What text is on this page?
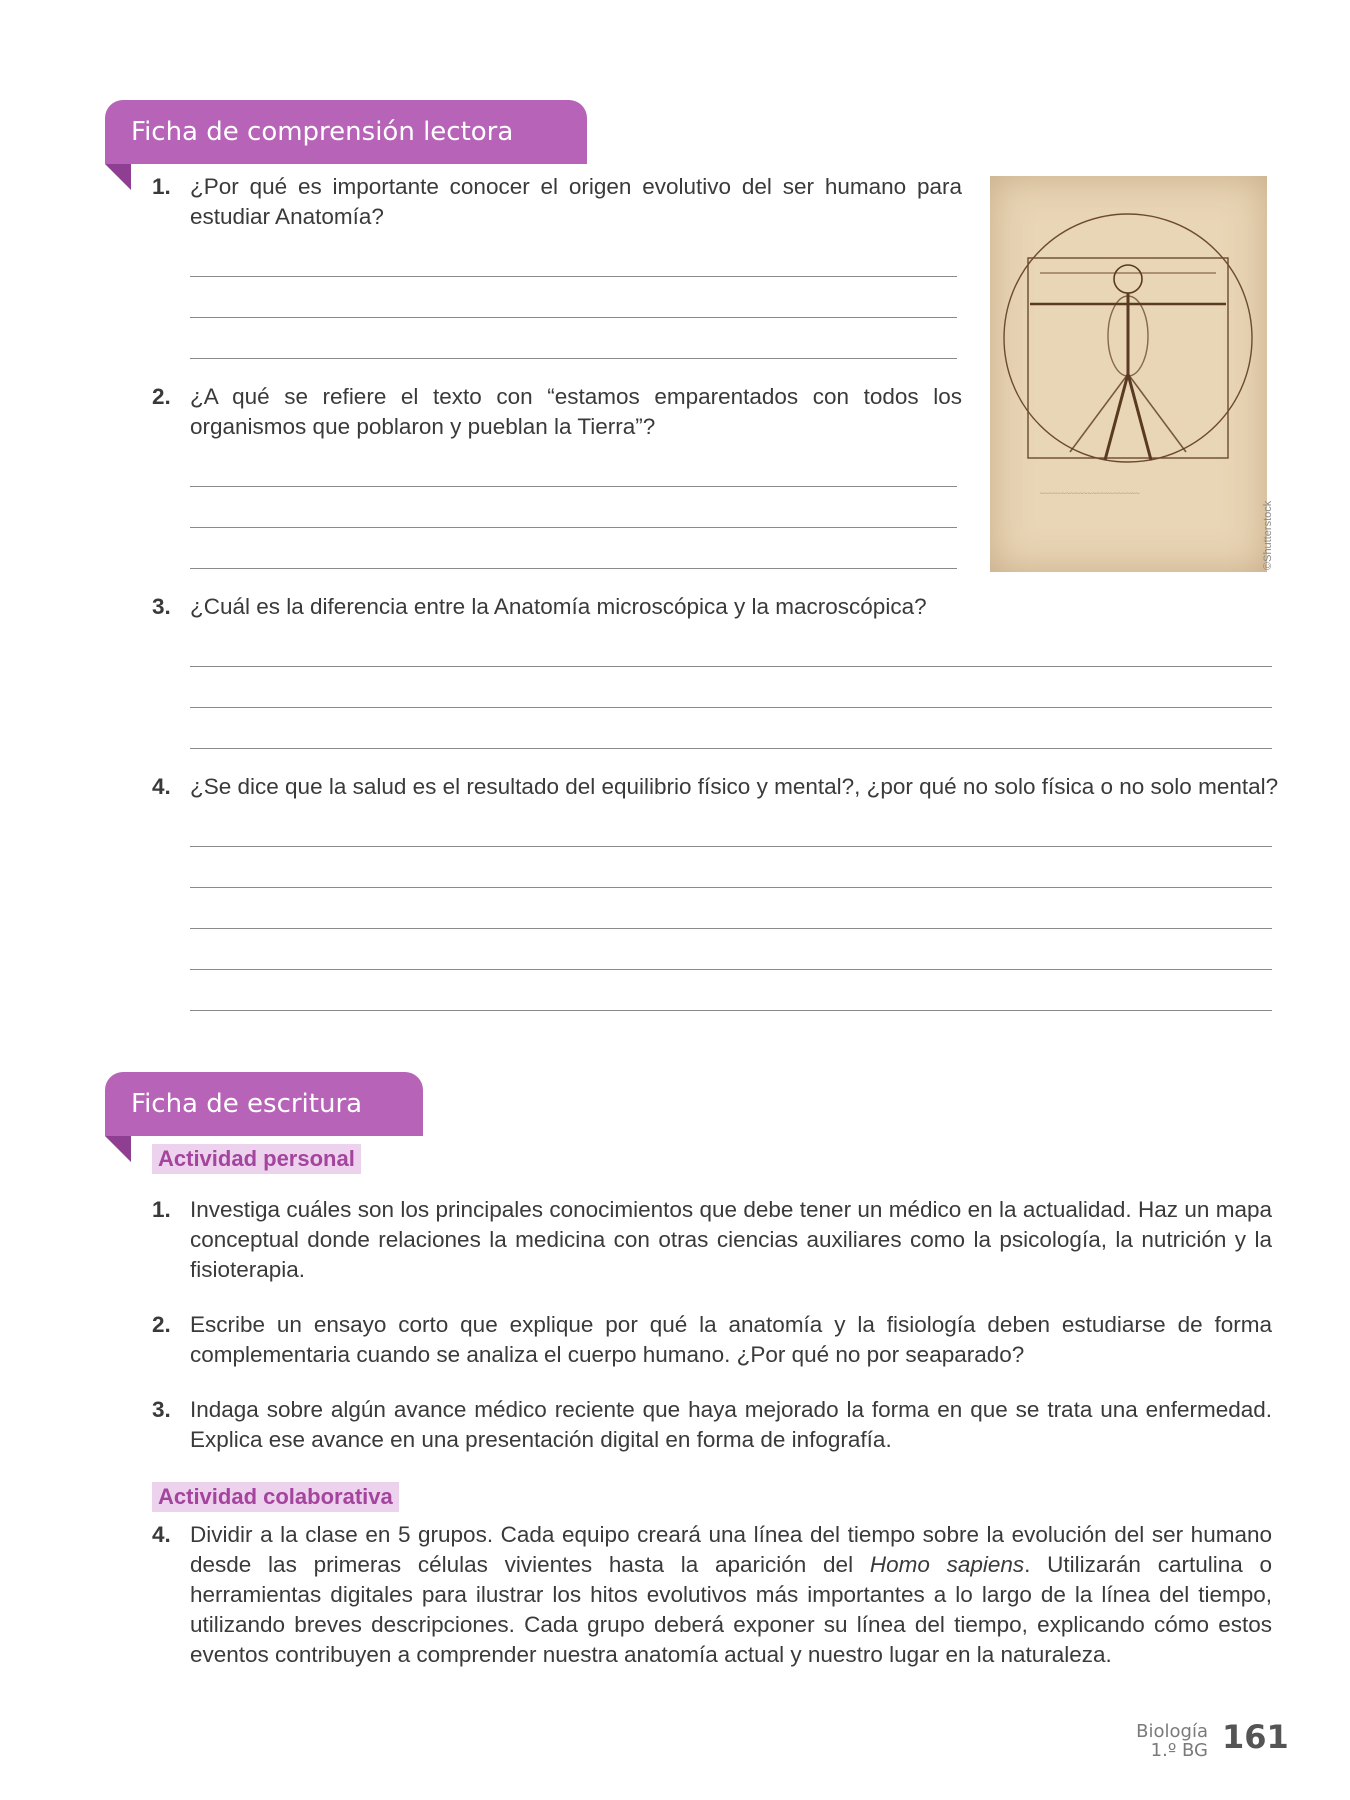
Ficha de comprensión lectora
1. ¿Por qué es importante conocer el origen evolutivo del ser humano para estudiar Anatomía?
2. ¿A qué se refiere el texto con “estamos emparentados con todos los organismos que poblaron y pueblan la Tierra”?
~~~~~~~~~~~~~~~~~~~~~~~
©Shutterstock
3. ¿Cuál es la diferencia entre la Anatomía microscópica y la macroscópica?
4. ¿Se dice que la salud es el resultado del equilibrio físico y mental?, ¿por qué no solo física o no solo mental?
Ficha de escritura
Actividad personal
1. Investiga cuáles son los principales conocimientos que debe tener un médico en la actualidad. Haz un mapa conceptual donde relaciones la medicina con otras ciencias auxiliares como la psicología, la nutrición y la fisioterapia.
2. Escribe un ensayo corto que explique por qué la anatomía y la fisiología deben estudiarse de forma complementaria cuando se analiza el cuerpo humano. ¿Por qué no por seaparado?
3. Indaga sobre algún avance médico reciente que haya mejorado la forma en que se trata una enfermedad. Explica ese avance en una presentación digital en forma de infografía.
Actividad colaborativa
4. Dividir a la clase en 5 grupos. Cada equipo creará una línea del tiempo sobre la evolución del ser humano desde las primeras células vivientes hasta la aparición del Homo sapiens. Utilizarán cartulina o herramientas digitales para ilustrar los hitos evolutivos más importantes a lo largo de la línea del tiempo, utilizando breves descripciones. Cada grupo deberá exponer su línea del tiempo, explicando cómo estos eventos contribuyen a comprender nuestra anatomía actual y nuestro lugar en la naturaleza.
Biología
1.º BG 161
